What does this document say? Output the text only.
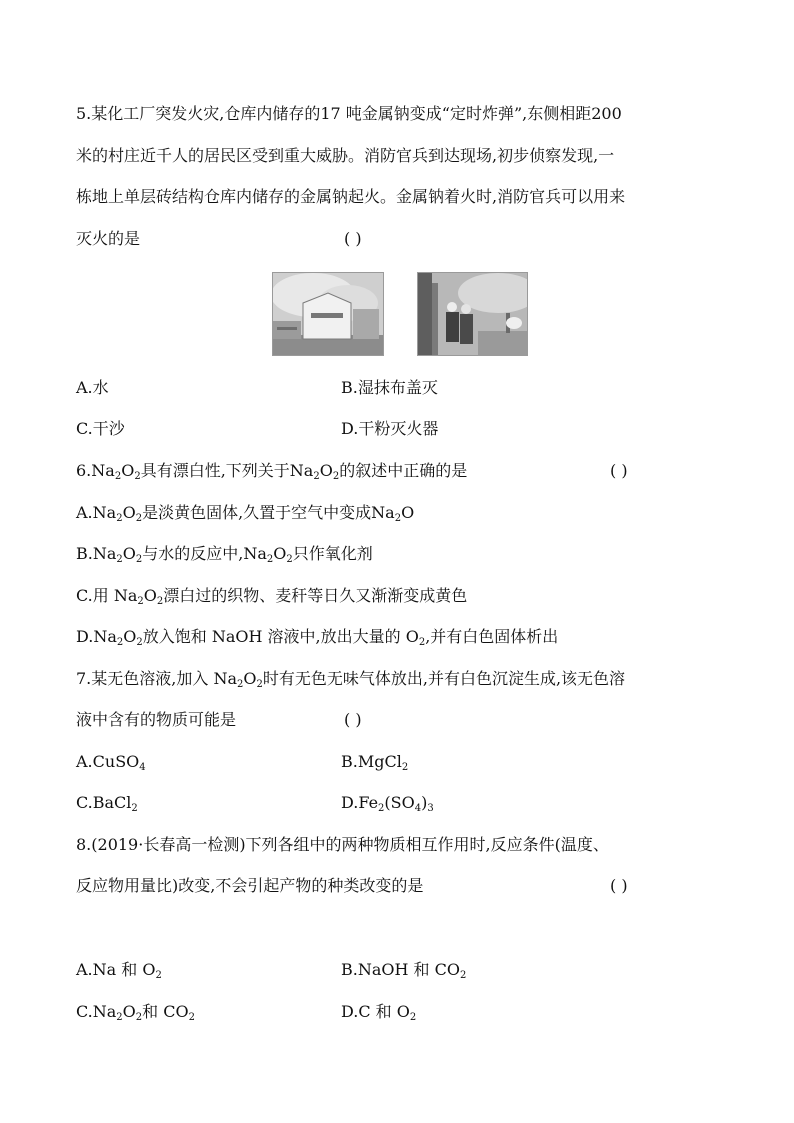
5.某化工厂突发火灾,仓库内储存的17 吨金属钠变成“定时炸弹”,东侧相距200
米的村庄近千人的居民区受到重大威胁。消防官兵到达现场,初步侦察发现,一
栋地上单层砖结构仓库内储存的金属钠起火。金属钠着火时,消防官兵可以用来
灭火的是	( )
A.水	B.湿抹布盖灭
C.干沙	D.干粉灭火器
$6.Na_2O_2$具有漂白性,下列关于$Na_2O_2$的叙述中正确的是	( )
$A.Na_2O_2$是淡黄色固体,久置于空气中变成$Na_2O$
$B.Na_2O_2$与水的反应中$,Na_2O_2$只作氧化剂
C.用 $Na_2O_2$漂白过的织物、麦秆等日久又渐渐变成黄色
$D.Na_2O_2$放入饱和 NaOH 溶液中,放出大量的 $O_2$,并有白色固体析出
7.某无色溶液,加入 $Na_2O_2$时有无色无味气体放出,并有白色沉淀生成,该无色溶
液中含有的物质可能是	( )
A.CuSO$_4$	B.MgCl$_2$
C.BaCl$_2$	$D.Fe_2(SO_4)_3$
8.(2019·长春高一检测)下列各组中的两种物质相互作用时,反应条件(温度、
反应物用量比)改变,不会引起产物的种类改变的是	( )
A.Na 和 $O_2$	B.NaOH 和 $CO_2$
$C.Na_2O_2$和 $CO_2$	D.C 和 $O_2$
